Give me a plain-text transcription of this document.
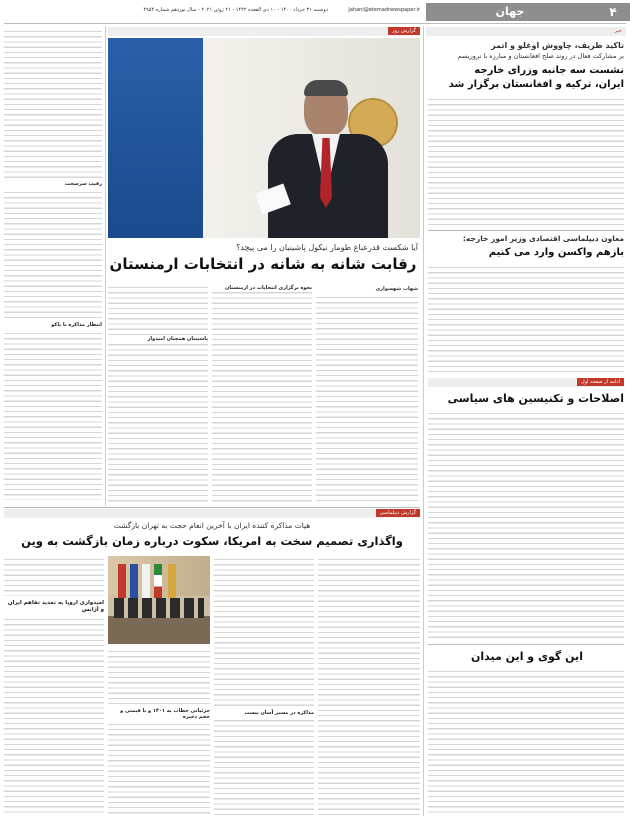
۴
جهان
Jahani@etemadnewspaper.ir
دوشنبه ۳۱ خرداد ۱۴۰۰ - ۱۰ ذی القعده ۱۴۴۲ - ۲۱ ژوئن ۲۰۲۱ - سال نوزدهم شماره ۴۹۵۴
خبر
تاکید ظریف، چاووش اوغلو و اتمر
بر مشارکت فعال در روند صلح افغانستان و مبارزه با تروریسم
نشست سه جانبه وزرای خارجه
ایران، ترکیه و افغانستان برگزار شد
معاون دیپلماسی اقتصادی وزیر امور خارجه:
بازهم واکسن وارد می کنیم
ادامه از صفحه اول
اصلاحات و تکنیسین های سیاسی
این گوی و این میدان
گزارش روز
آیا شکست قدرعباغ طومار نیکول پاشینیان را می پیچد؟
رقابت شانه به شانه در انتخابات ارمنستان
شهاب شهسواری
نحوه برگزاری انتخابات در ارمنستان
پاشینیان همچنان امیدوار
رقیب سرسخت
انتظار مذاکره با باکو
گزارش دیپلماسی
هیات مذاکره کننده ایران با آخرین انعام حجت به تهران بازگشت
واگذاری تصمیم سخت به امریکا، سکوت درباره زمان بازگشت به وین
مذاکره در مسیر آسان نیست
جزئیاتی خطاب به ۱۴۰۱ و با قیمتی و حجم ذخیره
امیدواری اروپا به تمدید تفاهم ایران و آژانس
